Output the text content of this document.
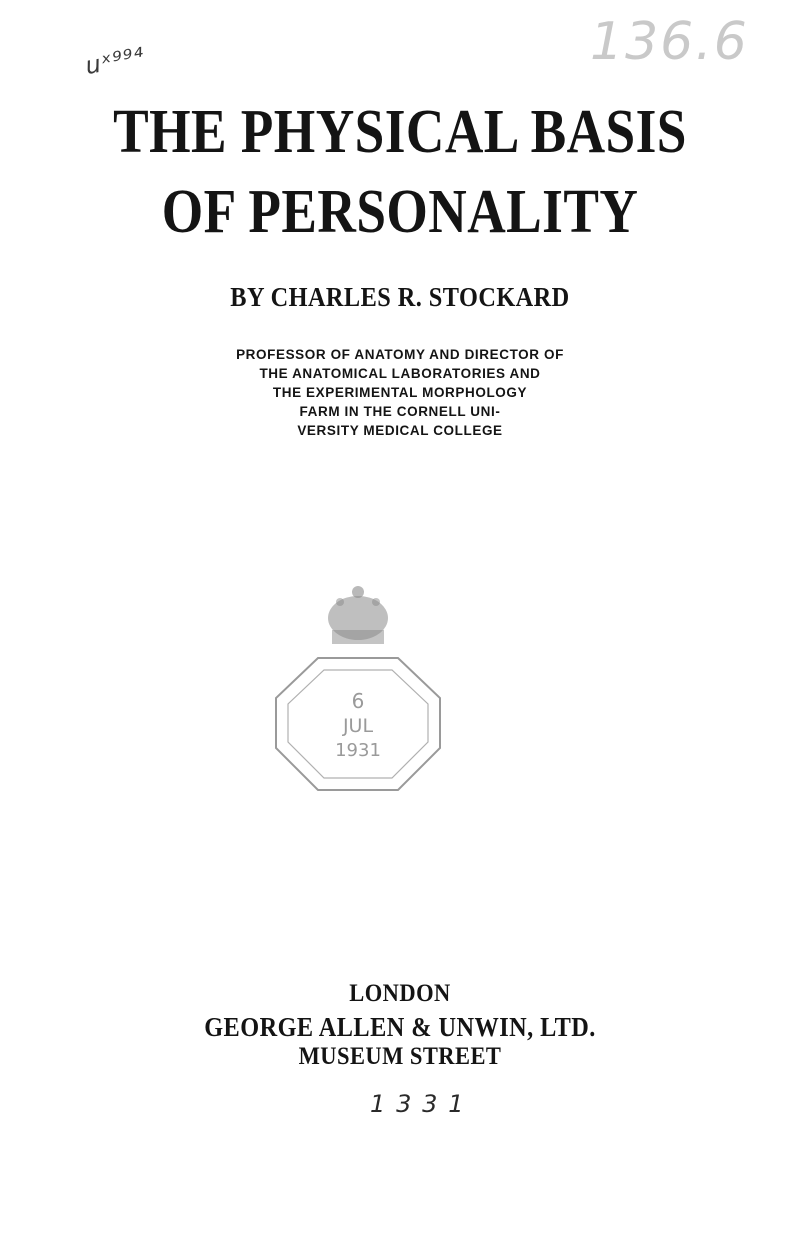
uˣ⁹⁹⁴	136.6
THE PHYSICAL BASIS
OF PERSONALITY
BY CHARLES R. STOCKARD
PROFESSOR OF ANATOMY AND DIRECTOR OF
THE ANATOMICAL LABORATORIES AND
THE EXPERIMENTAL MORPHOLOGY
FARM IN THE CORNELL UNI-
VERSITY MEDICAL COLLEGE
6
JUL
1931
LONDON
GEORGE ALLEN & UNWIN, LTD.
MUSEUM STREET
1 3 3 1
